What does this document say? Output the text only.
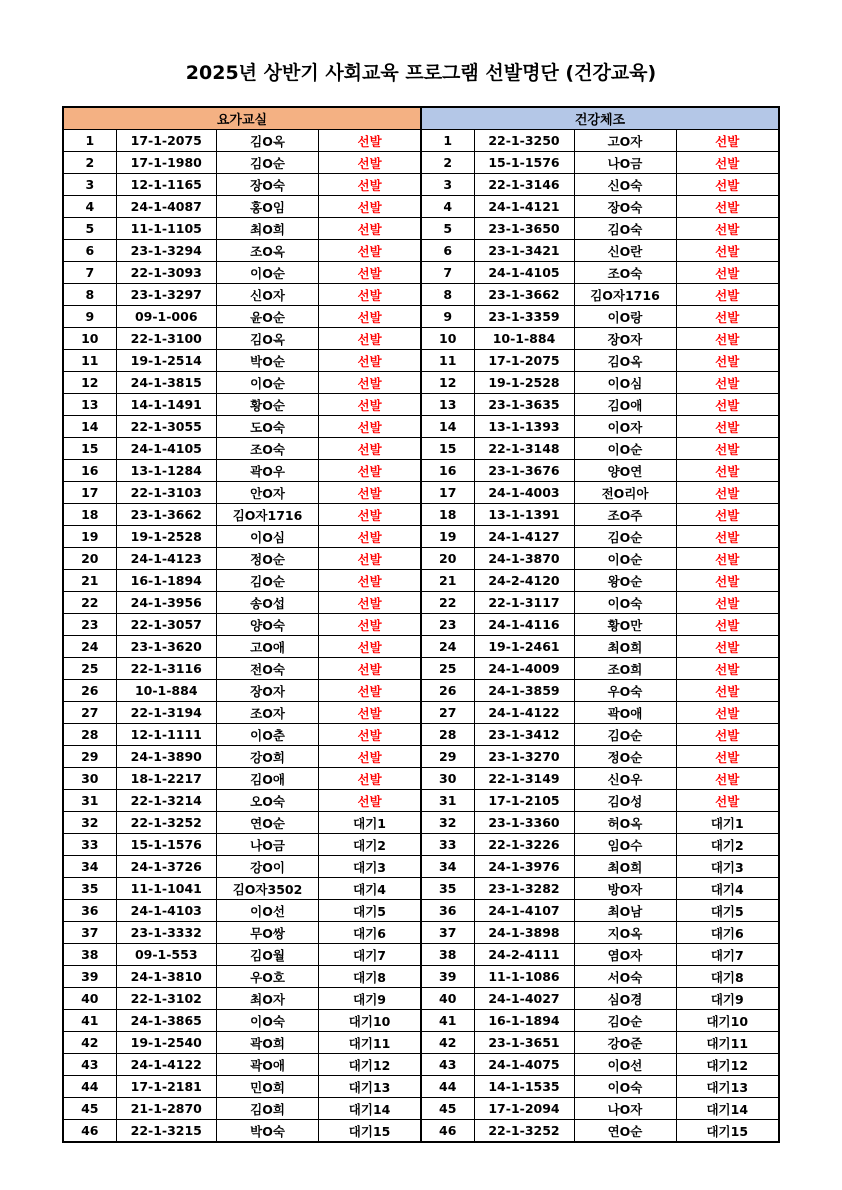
2025년 상반기 사회교육 프로그램 선발명단 (건강교육)
요가교실			
1	17-1-2075	김O옥	선발
2	17-1-1980	김O순	선발
3	12-1-1165	장O숙	선발
4	24-1-4087	홍O임	선발
5	11-1-1105	최O희	선발
6	23-1-3294	조O옥	선발
7	22-1-3093	이O순	선발
8	23-1-3297	신O자	선발
9	09-1-006	윤O순	선발
10	22-1-3100	김O옥	선발
11	19-1-2514	박O순	선발
12	24-1-3815	이O순	선발
13	14-1-1491	황O순	선발
14	22-1-3055	도O숙	선발
15	24-1-4105	조O숙	선발
16	13-1-1284	곽O우	선발
17	22-1-3103	안O자	선발
18	23-1-3662	김O자1716	선발
19	19-1-2528	이O심	선발
20	24-1-4123	정O순	선발
21	16-1-1894	김O순	선발
22	24-1-3956	송O섭	선발
23	22-1-3057	양O숙	선발
24	23-1-3620	고O애	선발
25	22-1-3116	전O숙	선발
26	10-1-884	장O자	선발
27	22-1-3194	조O자	선발
28	12-1-1111	이O춘	선발
29	24-1-3890	강O희	선발
30	18-1-2217	김O애	선발
31	22-1-3214	오O숙	선발
32	22-1-3252	연O순	대기1
33	15-1-1576	나O금	대기2
34	24-1-3726	강O이	대기3
35	11-1-1041	김O자3502	대기4
36	24-1-4103	이O선	대기5
37	23-1-3332	무O쌍	대기6
38	09-1-553	김O월	대기7
39	24-1-3810	우O호	대기8
40	22-1-3102	최O자	대기9
41	24-1-3865	이O숙	대기10
42	19-1-2540	곽O희	대기11
43	24-1-4122	곽O애	대기12
44	17-1-2181	민O희	대기13
45	21-1-2870	김O희	대기14
46	22-1-3215	박O숙	대기15
건강체조			
1	22-1-3250	고O자	선발
2	15-1-1576	나O금	선발
3	22-1-3146	신O숙	선발
4	24-1-4121	장O숙	선발
5	23-1-3650	김O숙	선발
6	23-1-3421	신O란	선발
7	24-1-4105	조O숙	선발
8	23-1-3662	김O자1716	선발
9	23-1-3359	이O랑	선발
10	10-1-884	장O자	선발
11	17-1-2075	김O옥	선발
12	19-1-2528	이O심	선발
13	23-1-3635	김O애	선발
14	13-1-1393	이O자	선발
15	22-1-3148	이O순	선발
16	23-1-3676	양O연	선발
17	24-1-4003	전O리아	선발
18	13-1-1391	조O주	선발
19	24-1-4127	김O순	선발
20	24-1-3870	이O순	선발
21	24-2-4120	왕O순	선발
22	22-1-3117	이O숙	선발
23	24-1-4116	황O만	선발
24	19-1-2461	최O희	선발
25	24-1-4009	조O희	선발
26	24-1-3859	우O숙	선발
27	24-1-4122	곽O애	선발
28	23-1-3412	김O순	선발
29	23-1-3270	정O순	선발
30	22-1-3149	신O우	선발
31	17-1-2105	김O성	선발
32	23-1-3360	허O옥	대기1
33	22-1-3226	임O수	대기2
34	24-1-3976	최O희	대기3
35	23-1-3282	방O자	대기4
36	24-1-4107	최O남	대기5
37	24-1-3898	지O옥	대기6
38	24-2-4111	염O자	대기7
39	11-1-1086	서O숙	대기8
40	24-1-4027	심O경	대기9
41	16-1-1894	김O순	대기10
42	23-1-3651	강O준	대기11
43	24-1-4075	이O선	대기12
44	14-1-1535	이O숙	대기13
45	17-1-2094	나O자	대기14
46	22-1-3252	연O순	대기15
